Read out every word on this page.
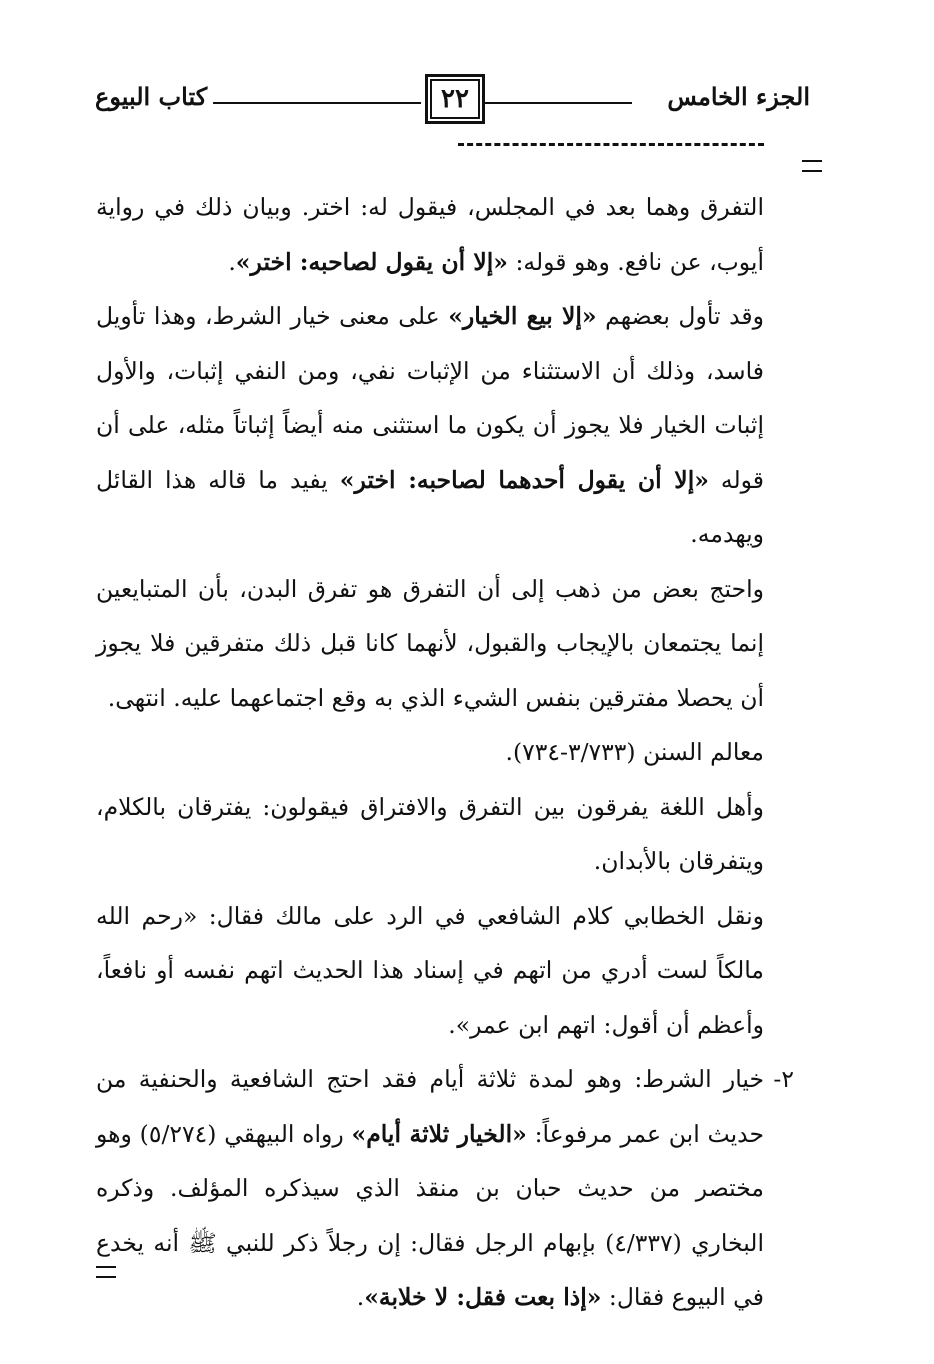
الجزء الخامس
٢٢
كتاب البيوع

التفرق وهما بعد في المجلس، فيقول له: اختر. وبيان ذلك في رواية أيوب، عن نافع. وهو قوله: «إلا أن يقول لصاحبه: اختر».

وقد تأول بعضهم «إلا بيع الخيار» على معنى خيار الشرط، وهذا تأويل فاسد، وذلك أن الاستثناء من الإثبات نفي، ومن النفي إثبات، والأول إثبات الخيار فلا يجوز أن يكون ما استثنى منه أيضاً إثباتاً مثله، على أن قوله «إلا أن يقول أحدهما لصاحبه: اختر» يفيد ما قاله هذا القائل ويهدمه.

واحتج بعض من ذهب إلى أن التفرق هو تفرق البدن، بأن المتبايعين إنما يجتمعان بالإيجاب والقبول، لأنهما كانا قبل ذلك متفرقين فلا يجوز أن يحصلا مفترقين بنفس الشيء الذي به وقع اجتماعهما عليه. انتهى.

معالم السنن (٣/٧٣٣-٧٣٤).

وأهل اللغة يفرقون بين التفرق والافتراق فيقولون: يفترقان بالكلام، ويتفرقان بالأبدان.

ونقل الخطابي كلام الشافعي في الرد على مالك فقال: «رحم الله مالكاً لست أدري من اتهم في إسناد هذا الحديث اتهم نفسه أو نافعاً، وأعظم أن أقول: اتهم ابن عمر».

٢-
خيار الشرط: وهو لمدة ثلاثة أيام فقد احتج الشافعية والحنفية من حديث ابن عمر مرفوعاً: «الخيار ثلاثة أيام» رواه البيهقي (٥/٢٧٤) وهو مختصر من حديث حبان بن منقذ الذي سيذكره المؤلف. وذكره البخاري (٤/٣٣٧) بإبهام الرجل فقال: إن رجلاً ذكر للنبي ﷺ أنه يخدع في البيوع فقال: «إذا بعت فقل: لا خلابة».
